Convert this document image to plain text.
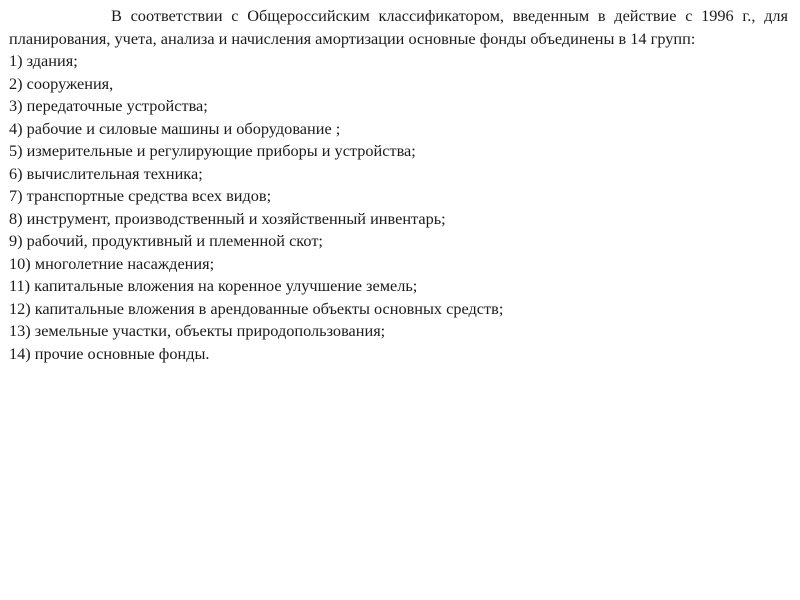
В соответствии с Общероссийским классификатором, введенным в действие с 1996 г., для планирования, учета, анализа и начисления амортизации основные фонды объединены в 14 групп:

1) здания;
2) сооружения,
3) передаточные устройства;
4) рабочие и силовые машины и оборудование ;
5) измерительные и регулирующие приборы и устройства;
6) вычислительная техника;
7) транспортные средства всех видов;
8) инструмент, производственный и хозяйственный инвентарь;
9) рабочий, продуктивный и племенной скот;
10) многолетние насаждения;
11) капитальные вложения на коренное улучшение земель;
12) капитальные вложения в арендованные объекты основных средств;
13) земельные участки, объекты природопользования;
14) прочие основные фонды.
